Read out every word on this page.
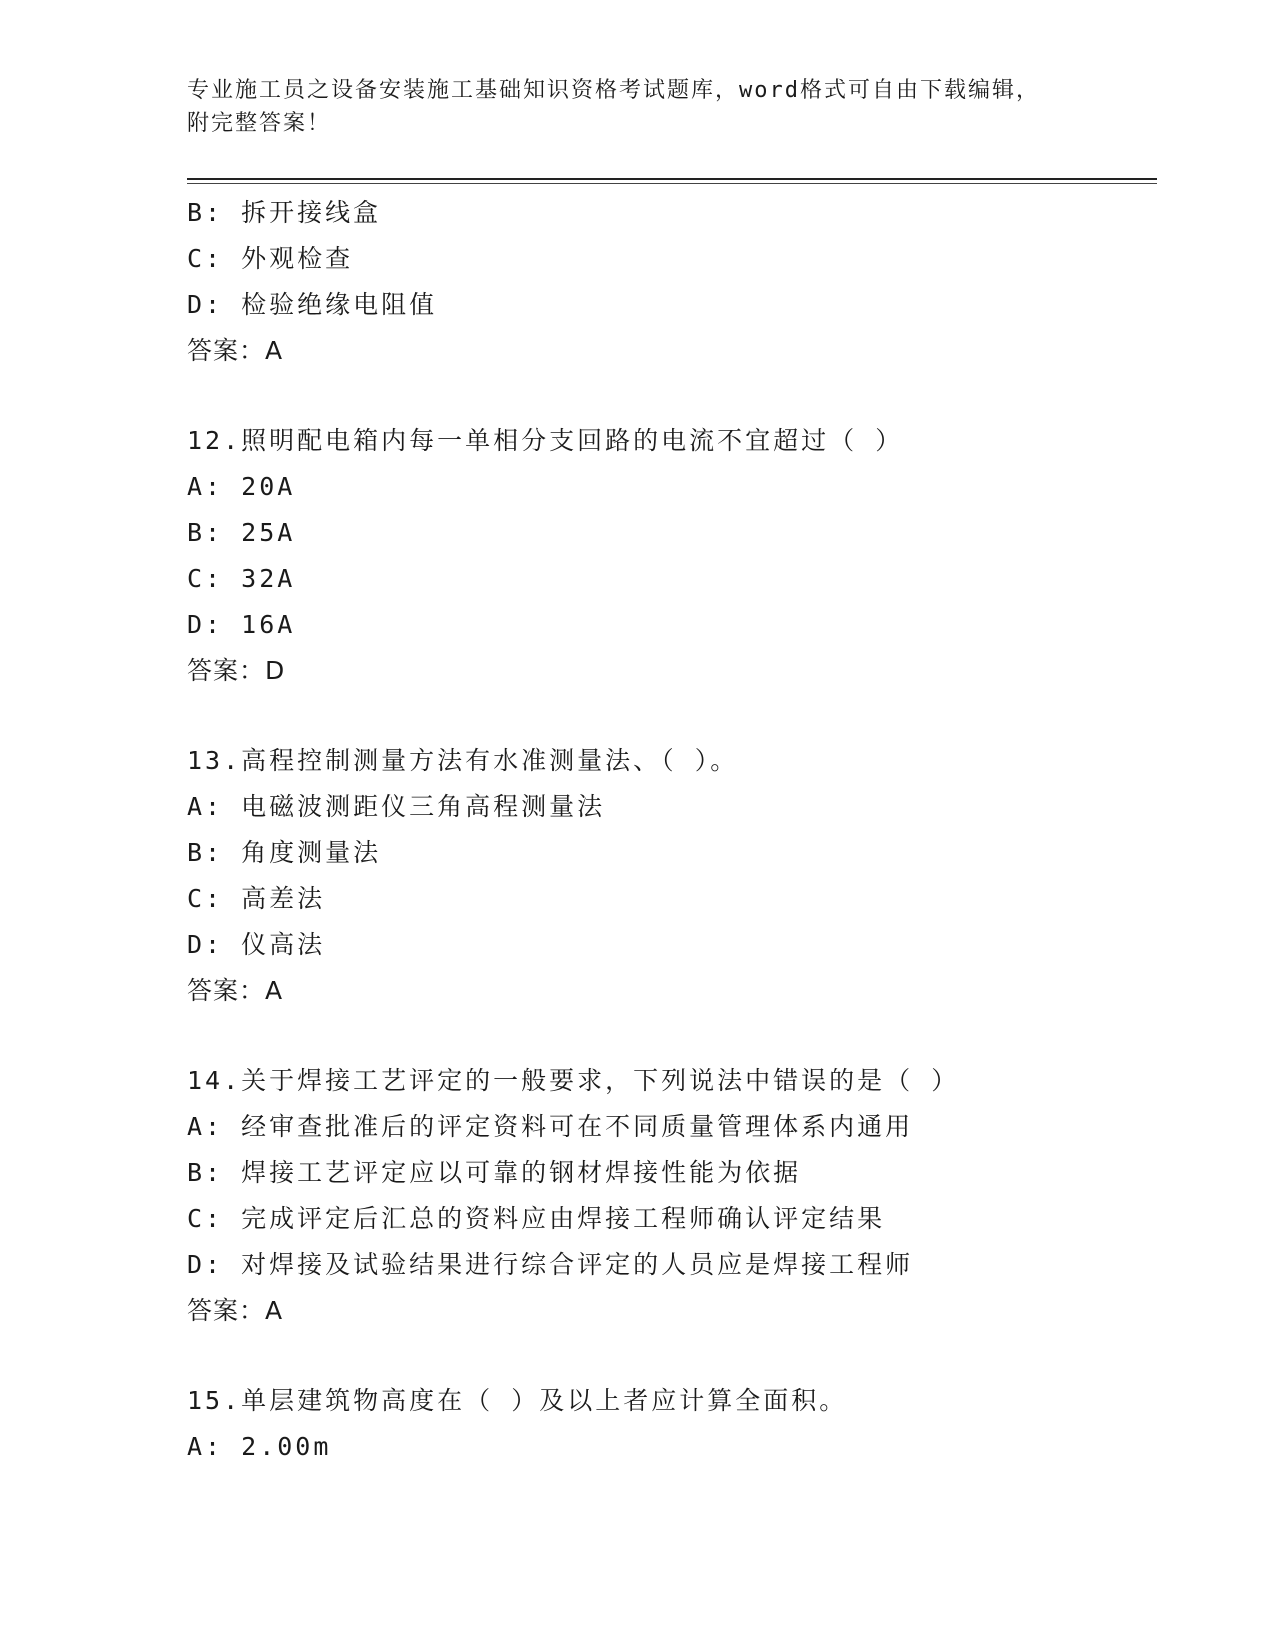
专业施工员之设备安装施工基础知识资格考试题库，word格式可自由下载编辑，
附完整答案！
B: 拆开接线盒
C: 外观检查
D: 检验绝缘电阻值
答案：A
12.照明配电箱内每一单相分支回路的电流不宜超过（ ）
A: 20A
B: 25A
C: 32A
D: 16A
答案：D
13.高程控制测量方法有水准测量法、（ ）。
A: 电磁波测距仪三角高程测量法
B: 角度测量法
C: 高差法
D: 仪高法
答案：A
14.关于焊接工艺评定的一般要求，下列说法中错误的是（ ）
A: 经审查批准后的评定资料可在不同质量管理体系内通用
B: 焊接工艺评定应以可靠的钢材焊接性能为依据
C: 完成评定后汇总的资料应由焊接工程师确认评定结果
D: 对焊接及试验结果进行综合评定的人员应是焊接工程师
答案：A
15.单层建筑物高度在（ ）及以上者应计算全面积。
A: 2.00m
